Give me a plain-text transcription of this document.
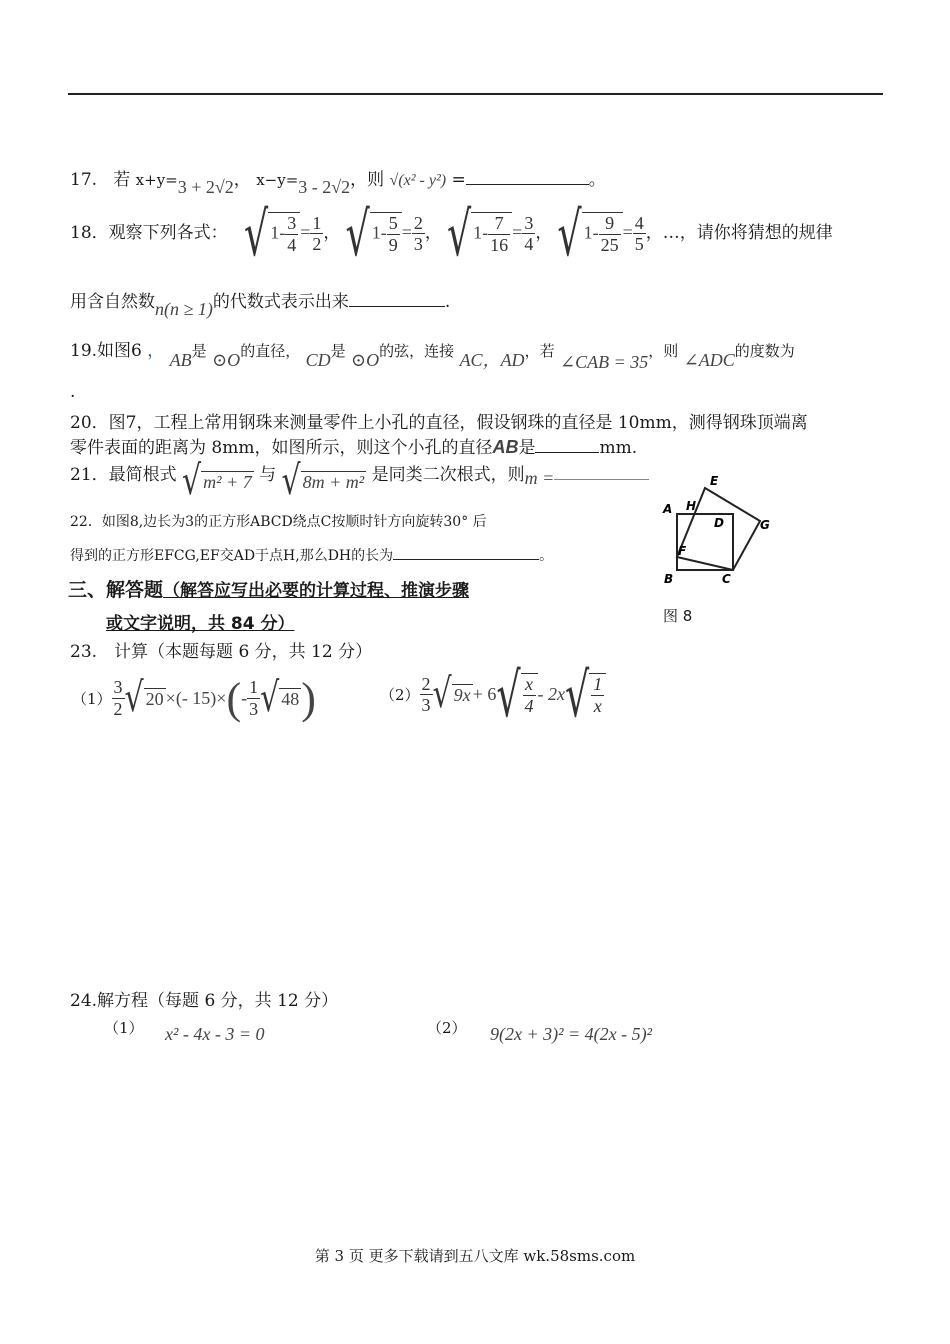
17. 若 x+y=3 + 2√2， x−y=3 - 2√2，则 √(x² - y²) =	。
18．观察下列各式： √ $1- \frac{3}{4} = \frac{1}{2}$ ， √ $1- \frac{5}{9} = \frac{2}{3}$ ， √ $1- \frac{7}{16} = \frac{3}{4}$ ， √ $1- \frac{9}{25} = \frac{4}{5}$ ，…，请你将猜想的规律
用含自然数n(n ≥ 1)的代数式表示出来	.
19.如图6 ， AB是 ⊙O的直径， CD是 ⊙O的弦，连接 AC，AD，若 ∠CAB = 35，则 ∠ADC的度数为
.
20．图7，工程上常用钢珠来测量零件上小孔的直径，假设钢珠的直径是 10mm，测得钢珠顶端离
零件表面的距离为 8mm，如图所示，则这个小孔的直径AB是	mm.
21．最简根式 √ m² + 7 与 √ 8m + m² 是同类二次根式，则m =
22．如图8,边长为3的正方形ABCD绕点C按顺时针方向旋转30° 后
得到的正方形EFCG,EF交AD于点H,那么DH的长为	。
三、解答题（解答应写出必要的计算过程、推演步骤
或文字说明，共 84 分）
A H
E
D	G
F
B	C
图 8
23.　计算（本题每题 6 分，共 12 分）
$(1) \frac{3}{2}$ √ 20 ×(- $15)\times(- \frac{1}{3}$ √ 48)	$(2) \frac{2}{3}$ √ $9x + 6√ \frac{x}{4} - 2x√ \frac{1}{x}$
24.解方程（每题 6 分，共 12 分）
（1） x² - 4x - 3 = 0	（2） 9(2x + 3)² = 4(2x - 5)²
第 3 页 更多下载请到五八文库 wk.58sms.com
